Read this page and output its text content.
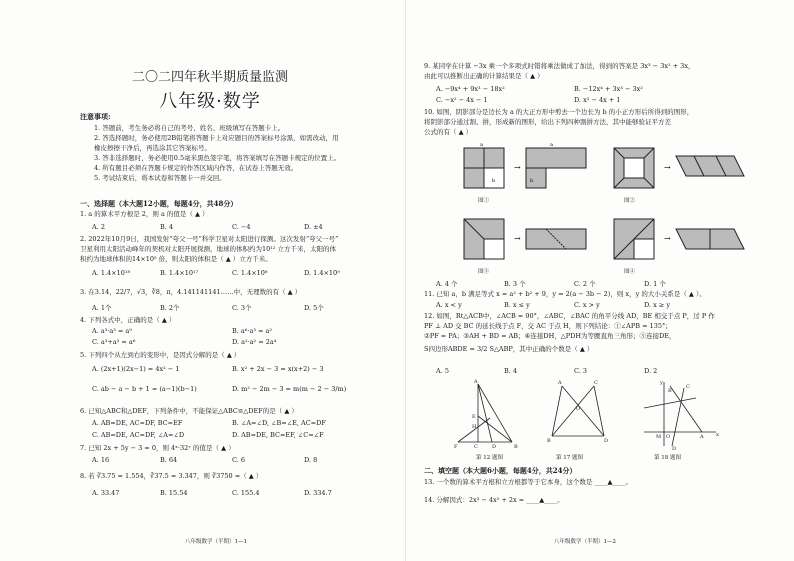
二〇二四年秋半期质量监测
八年级·数学
注意事项:
1. 答题前，考生务必将自己的考号、姓名、班级填写在答题卡上。
2. 答选择题时，务必使用2B铅笔将答题卡上对应题目的答案标号涂黑，如需改动，用
橡皮擦擦干净后，再选涂其它答案标号。
3. 答非选择题时，务必使用0.5毫米黑色签字笔，将答案填写在答题卡规定的位置上。
4. 所有题目必须在答题卡规定的作答区域内作答，在试卷上答题无效。
5. 考试结束后，将本试卷和答题卡一并交回。
一、选择题（本大题12小题，每题4分，共48分）
1. a 的算术平方根是 2，则 a 的值是（ ▲ ）
A. 2	B. 4	C. −4	D. ±4
2. 2022年10月9日，我国发射“夸父一号”科学卫星对太阳进行探测。这次发射“夸父一号”
卫星利用太阳活动峰年的契机对太阳开展探测，地球的体积约为10¹² 立方千米，太阳的体
积约为地球体积的14×10⁵ 倍，则太阳的体积是（ ▲ ）立方千米。
A. 1.4×10¹⁸	B. 1.4×10¹⁷	C. 1.4×10⁸	D. 1.4×10⁹
3. 在3.14，22/7，√3，∛8，π，4.141141141……中，无理数的有（ ▲ ）
A. 1个	B. 2个	C. 3个	D. 5个
4. 下列各式中，正确的是（ ▲ ）
A. a³·a³ = a⁹	B. a⁶·a³ = a²
C. a³+a³ = a⁶	D. a²·a² = 2a⁴
5. 下列四个从左到右的变形中，是因式分解的是（ ▲ ）
A. (2x+1)(2x−1) = 4x² − 1	B. x² + 2x − 3 = x(x+2) − 3
C. ab − a − b + 1 = (a−1)(b−1)	D. m² − 2m − 3 = m(m − 2 − 3/m)
6. 已知△ABC和△DEF，下列条件中，不能保证△ABC≌△DEF的是（ ▲ ）
A. AB=DE, AC=DF, BC=EF	B. ∠A=∠D, ∠B=∠E, AC=DF
C. AB=DE, AC=DF, ∠A=∠D	D. AB=DE, BC=EF, ∠C=∠F
7. 已知 2x + 5y − 3 = 0，则 4ˣ·32ʸ 的值是（ ▲ ）
A. 16	B. 64	C. 6	D. 8
8. 若 ∛3.75 ≈ 1.554，∛37.5 ≈ 3.347，则 ∛3750 ≈（ ▲ ）
A. 33.47	B. 15.54	C. 155.4	D. 334.7
八年级数学（半期）1—1
9. 某同学在计算 −3x 乘一个多项式时错将乘法做成了加法，得到的答案是 3x³ − 3x² + 3x，
由此可以推断出正确的计算结果是（ ▲ ）
A. −9x⁴ + 9x³ − 18x²	B. −12x⁴ + 3x³ − 3x²
C. −x² − 4x − 1	D. x² − 4x + 1
10. 如图，阴影部分是边长为 a 的大正方形中剪去一个边长为 b 的小正方形后所得到的图形，
将阴影部分通过割、拼，形成新的图形，给出下列四种割拼方法，其中能够验证平方差
公式的有（ ▲ ）
a
b
→
a
b
→
图①	图②
→	→
图③	图④
A. 4 个	B. 3 个	C. 2 个	D. 1 个
11. 已知 a，b 满足等式 x = a² + b² + 9，y = 2(a − 3b − 2)，则 x，y 的大小关系是（ ▲ ）。
A. x < y	B. x ≤ y	C. x > y	D. x ≥ y
12. 如图，Rt△ACB中，∠ACB = 90°，∠ABC，∠BAC 的角平分线 AD，BE 相交于点 P，过 P 作
PF ⊥ AD 交 BC 的延长线于点 F，交 AC 于点 H，则下列结论：①∠APB = 135°；
②PF = PA；③AH + BD = AB；④连接DH，△PDH为等腰直角三角形；⑤连接DE，
S四边形ABDE = 3/2 S△ABP，其中正确的个数是（ ▲ ）
A. 5	B. 4	C. 3	D. 2
A
B
F	C	D
E
H
A	C
B	D
O
y
x
M O	A
C
B
D
第 12 题图	第 17 题图	第 18 题图
二、填空题（本大题6小题，每题4分，共24分）
13. 一个数的算术平方根和立方根都等于它本身，这个数是 ____▲____。
14. 分解因式：2x³ − 4x² + 2x = ____▲____。
八年级数学（半期）1—2
